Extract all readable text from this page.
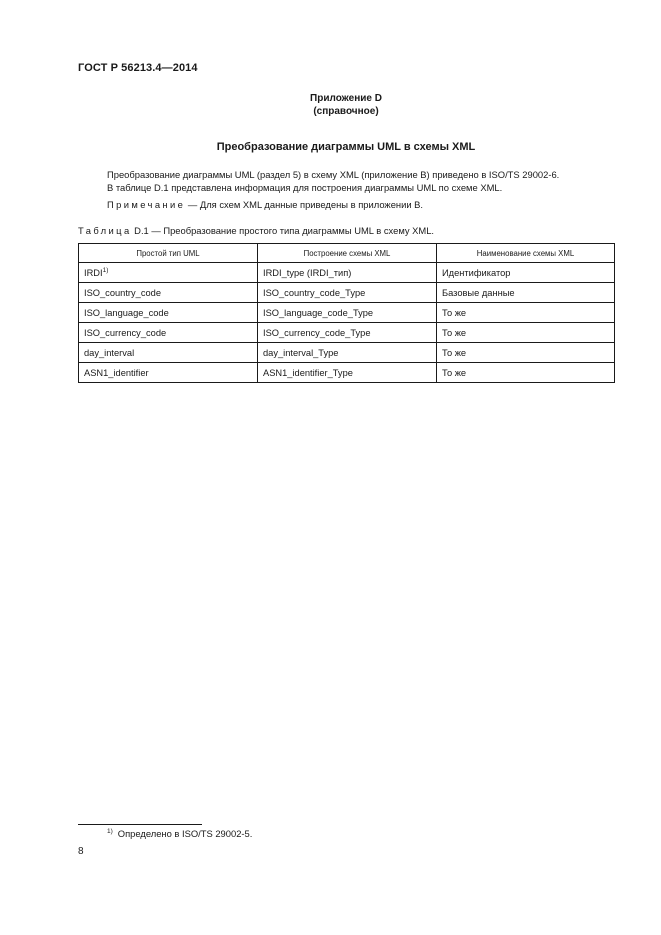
ГОСТ Р 56213.4—2014
Приложение D
(справочное)
Преобразование диаграммы UML в схемы XML
Преобразование диаграммы UML (раздел 5) в схему XML (приложение B) приведено в ISO/TS 29002-6.
В таблице D.1 представлена информация для построения диаграммы UML по схеме XML.
Примечание — Для схем XML данные приведены в приложении B.
Таблица D.1 — Преобразование простого типа диаграммы UML в схему XML.
Простой тип UML	Построение схемы XML	Наименование схемы XML
IRDI$^{1)}$	IRDI_type (IRDI_тип)	Идентификатор
ISO_country_code	ISO_country_code_Type	Базовые данные
ISO_language_code	ISO_language_code_Type	То же
ISO_currency_code	ISO_currency_code_Type	То же
day_interval	day_interval_Type	То же
ASN1_identifier	ASN1_identifier_Type	То же
$^{1)}$ Определено в ISO/TS 29002-5.
8
